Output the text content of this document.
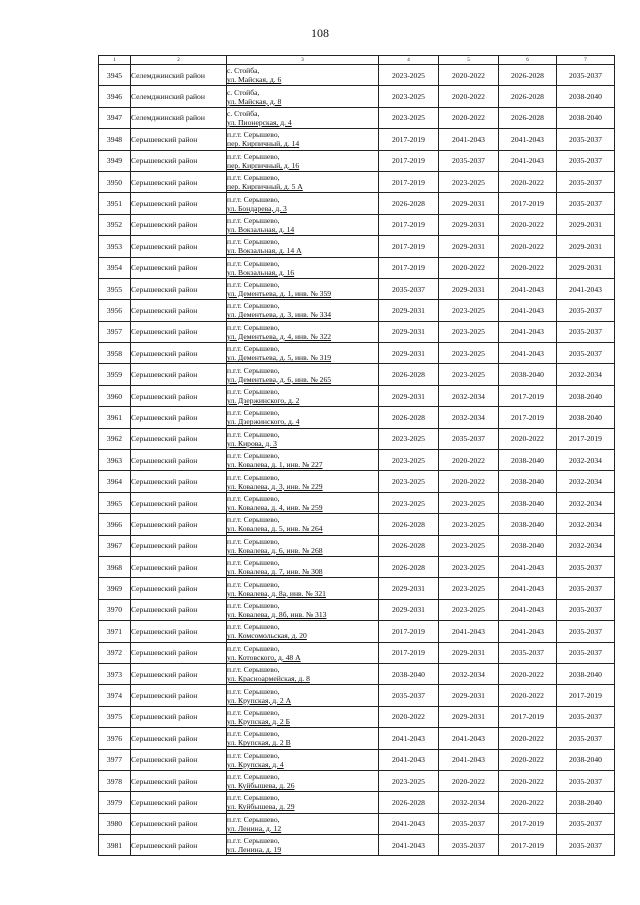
108
1	2	3	4	5	6	7
3945	Селемджинский район	с. Стойба,
ул. Майская, д. 6	2023-2025	2020-2022	2026-2028	2035-2037
3946	Селемджинский район	с. Стойба,
ул. Майская, д. 8	2023-2025	2020-2022	2026-2028	2038-2040
3947	Селемджинский район	с. Стойба,
ул. Пионерская, д. 4	2023-2025	2020-2022	2026-2028	2038-2040
3948	Серышевский район	п.г.т. Серышево,
пер. Кирпичный, д. 14	2017-2019	2041-2043	2041-2043	2035-2037
3949	Серышевский район	п.г.т. Серышево,
пер. Кирпичный, д. 16	2017-2019	2035-2037	2041-2043	2035-2037
3950	Серышевский район	п.г.т. Серышево,
пер. Кирпичный, д. 5 А	2017-2019	2023-2025	2020-2022	2035-2037
3951	Серышевский район	п.г.т. Серышево,
ул. Бондарева, д. 3	2026-2028	2029-2031	2017-2019	2035-2037
3952	Серышевский район	п.г.т. Серышево,
ул. Вокзальная, д. 14	2017-2019	2029-2031	2020-2022	2029-2031
3953	Серышевский район	п.г.т. Серышево,
ул. Вокзальная, д. 14 А	2017-2019	2029-2031	2020-2022	2029-2031
3954	Серышевский район	п.г.т. Серышево,
ул. Вокзальная, д. 16	2017-2019	2020-2022	2020-2022	2029-2031
3955	Серышевский район	п.г.т. Серышево,
ул. Дементьева, д. 1, инв. № 359	2035-2037	2029-2031	2041-2043	2041-2043
3956	Серышевский район	п.г.т. Серышево,
ул. Дементьева, д. 3, инв. № 334	2029-2031	2023-2025	2041-2043	2035-2037
3957	Серышевский район	п.г.т. Серышево,
ул. Дементьева, д. 4, инв. № 322	2029-2031	2023-2025	2041-2043	2035-2037
3958	Серышевский район	п.г.т. Серышево,
ул. Дементьева, д. 5, инв. № 319	2029-2031	2023-2025	2041-2043	2035-2037
3959	Серышевский район	п.г.т. Серышево,
ул. Дементьева, д. 6, инв. № 265	2026-2028	2023-2025	2038-2040	2032-2034
3960	Серышевский район	п.г.т. Серышево,
ул. Дзержинского, д. 2	2029-2031	2032-2034	2017-2019	2038-2040
3961	Серышевский район	п.г.т. Серышево,
ул. Дзержинского, д. 4	2026-2028	2032-2034	2017-2019	2038-2040
3962	Серышевский район	п.г.т. Серышево,
ул. Кирова, д. 3	2023-2025	2035-2037	2020-2022	2017-2019
3963	Серышевский район	п.г.т. Серышево,
ул. Ковалева, д. 1, инв. № 227	2023-2025	2020-2022	2038-2040	2032-2034
3964	Серышевский район	п.г.т. Серышево,
ул. Ковалева, д. 3, инв. № 229	2023-2025	2020-2022	2038-2040	2032-2034
3965	Серышевский район	п.г.т. Серышево,
ул. Ковалева, д. 4, инв. № 259	2023-2025	2023-2025	2038-2040	2032-2034
3966	Серышевский район	п.г.т. Серышево,
ул. Ковалева, д. 5, инв. № 264	2026-2028	2023-2025	2038-2040	2032-2034
3967	Серышевский район	п.г.т. Серышево,
ул. Ковалева, д. 6, инв. № 268	2026-2028	2023-2025	2038-2040	2032-2034
3968	Серышевский район	п.г.т. Серышево,
ул. Ковалева, д. 7, инв. № 308	2026-2028	2023-2025	2041-2043	2035-2037
3969	Серышевский район	п.г.т. Серышево,
ул. Ковалева, д. 8а, инв. № 321	2029-2031	2023-2025	2041-2043	2035-2037
3970	Серышевский район	п.г.т. Серышево,
ул. Ковалева, д. 8б, инв. № 313	2029-2031	2023-2025	2041-2043	2035-2037
3971	Серышевский район	п.г.т. Серышево,
ул. Комсомольская, д. 20	2017-2019	2041-2043	2041-2043	2035-2037
3972	Серышевский район	п.г.т. Серышево,
ул. Котовского, д. 48 А	2017-2019	2029-2031	2035-2037	2035-2037
3973	Серышевский район	п.г.т. Серышево,
ул. Красноармейская, д. 8	2038-2040	2032-2034	2020-2022	2038-2040
3974	Серышевский район	п.г.т. Серышево,
ул. Крупская, д. 2 А	2035-2037	2029-2031	2020-2022	2017-2019
3975	Серышевский район	п.г.т. Серышево,
ул. Крупская, д. 2 Б	2020-2022	2029-2031	2017-2019	2035-2037
3976	Серышевский район	п.г.т. Серышево,
ул. Крупская, д. 2 В	2041-2043	2041-2043	2020-2022	2035-2037
3977	Серышевский район	п.г.т. Серышево,
ул. Крупская, д. 4	2041-2043	2041-2043	2020-2022	2038-2040
3978	Серышевский район	п.г.т. Серышево,
ул. Куйбышева, д. 26	2023-2025	2020-2022	2020-2022	2035-2037
3979	Серышевский район	п.г.т. Серышево,
ул. Куйбышева, д. 29	2026-2028	2032-2034	2020-2022	2038-2040
3980	Серышевский район	п.г.т. Серышево,
ул. Ленина, д. 12	2041-2043	2035-2037	2017-2019	2035-2037
3981	Серышевский район	п.г.т. Серышево,
ул. Ленина, д. 19	2041-2043	2035-2037	2017-2019	2035-2037
